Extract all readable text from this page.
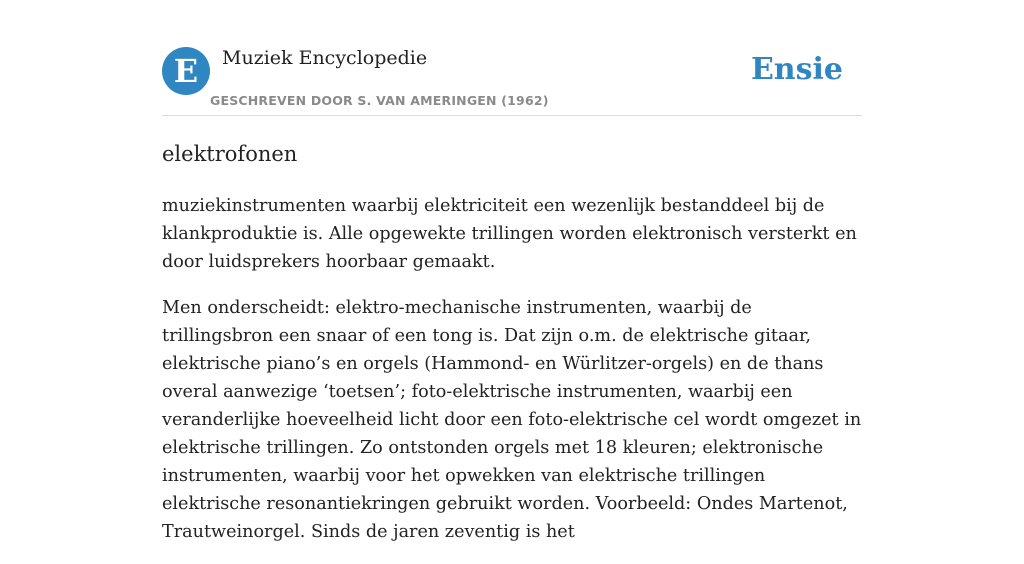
E	Muziek Encyclopedie
GESCHREVEN DOOR S. VAN AMERINGEN (1962)
Ensie
elektrofonen

muziekinstrumenten waarbij elektriciteit een wezenlijk bestanddeel bij de klankproduktie is. Alle opgewekte trillingen worden elektronisch versterkt en door luidsprekers hoorbaar gemaakt.

Men onderscheidt: elektro-mechanische instrumenten, waarbij de trillingsbron een snaar of een tong is. Dat zijn o.m. de elektrische gitaar, elektrische piano’s en orgels (Hammond- en Würlitzer-orgels) en de thans overal aanwezige ‘toetsen’; foto-elektrische instrumenten, waarbij een veranderlijke hoeveelheid licht door een foto-elektrische cel wordt omgezet in elektrische trillingen. Zo ontstonden orgels met 18 kleuren; elektronische instrumenten, waarbij voor het opwekken van elektrische trillingen elektrische resonantiekringen gebruikt worden. Voorbeeld: Ondes Martenot, Trautweinorgel. Sinds de jaren zeventig is het
